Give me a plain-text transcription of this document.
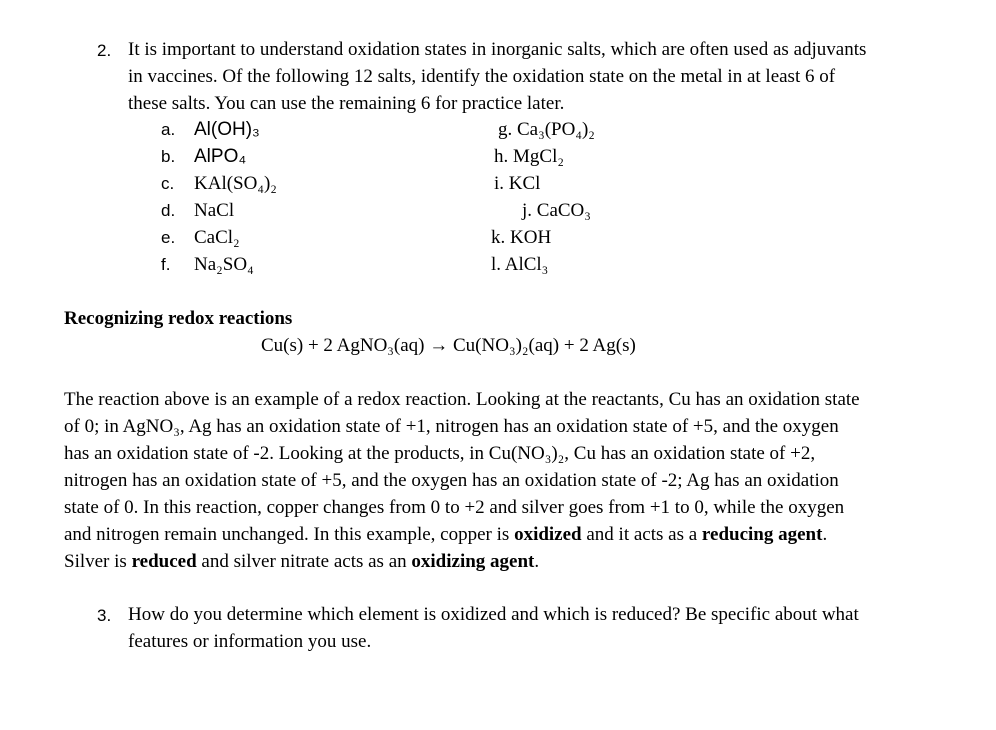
2. It is important to understand oxidation states in inorganic salts, which are often used as adjuvants
in vaccines. Of the following 12 salts, identify the oxidation state on the metal in at least 6 of
these salts. You can use the remaining 6 for practice later.
a. Al(OH)₃
b. AlPO₄
c. KAl(SO₄)₂
d. NaCl
e. CaCl₂
f. Na₂SO₄
g. Ca₃(PO₄)₂
h. MgCl₂
i. KCl
j. CaCO₃
k. KOH
l. AlCl₃
Recognizing redox reactions
Cu(s) + 2 AgNO₃(aq) → Cu(NO₃)₂(aq) + 2 Ag(s)
The reaction above is an example of a redox reaction. Looking at the reactants, Cu has an oxidation state
of 0; in AgNO₃, Ag has an oxidation state of +1, nitrogen has an oxidation state of +5, and the oxygen
has an oxidation state of -2. Looking at the products, in Cu(NO₃)₂, Cu has an oxidation state of +2,
nitrogen has an oxidation state of +5, and the oxygen has an oxidation state of -2; Ag has an oxidation
state of 0. In this reaction, copper changes from 0 to +2 and silver goes from +1 to 0, while the oxygen
and nitrogen remain unchanged. In this example, copper is oxidized and it acts as a reducing agent.
Silver is reduced and silver nitrate acts as an oxidizing agent.
3. How do you determine which element is oxidized and which is reduced? Be specific about what
features or information you use.
